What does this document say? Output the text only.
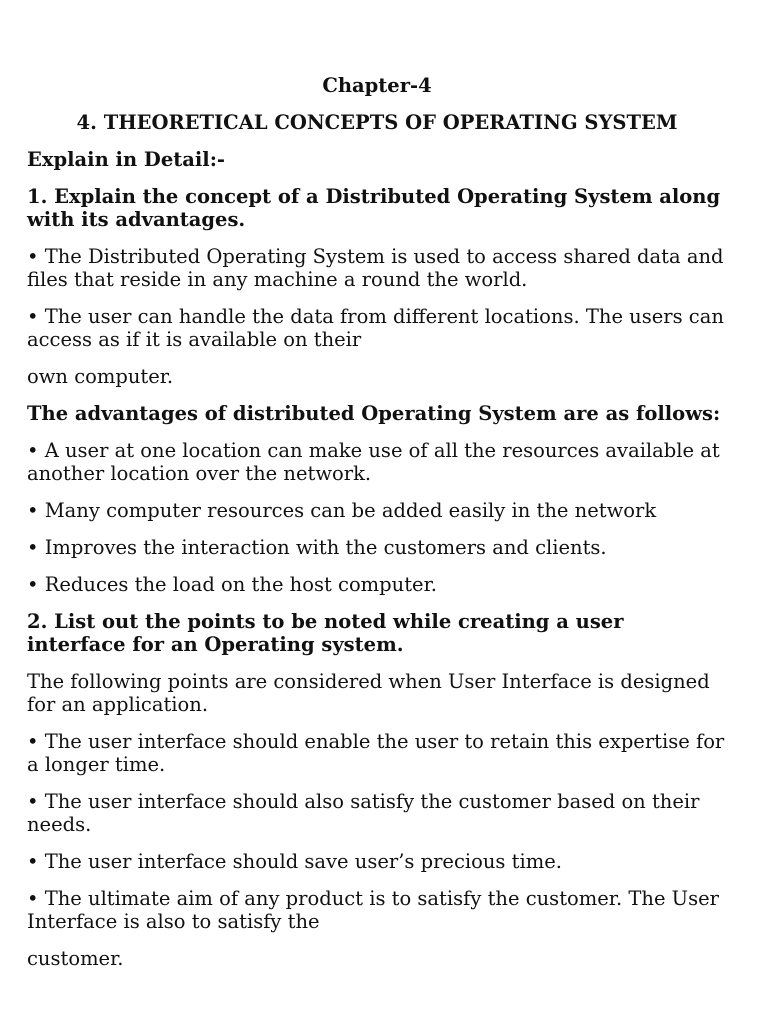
Chapter-4

4. THEORETICAL CONCEPTS OF OPERATING SYSTEM

Explain in Detail:-

1. Explain the concept of a Distributed Operating System along with its advantages.

• The Distributed Operating System is used to access shared data and files that reside in any machine a round the world.

• The user can handle the data from different locations. The users can access as if it is available on their

own computer.

The advantages of distributed Operating System are as follows:

• A user at one location can make use of all the resources available at another location over the network.

• Many computer resources can be added easily in the network

• Improves the interaction with the customers and clients.

• Reduces the load on the host computer.

2. List out the points to be noted while creating a user interface for an Operating system.

The following points are considered when User Interface is designed for an application.

• The user interface should enable the user to retain this expertise for a longer time.

• The user interface should also satisfy the customer based on their needs.

• The user interface should save user’s precious time.

• The ultimate aim of any product is to satisfy the customer. The User Interface is also to satisfy the

customer.
